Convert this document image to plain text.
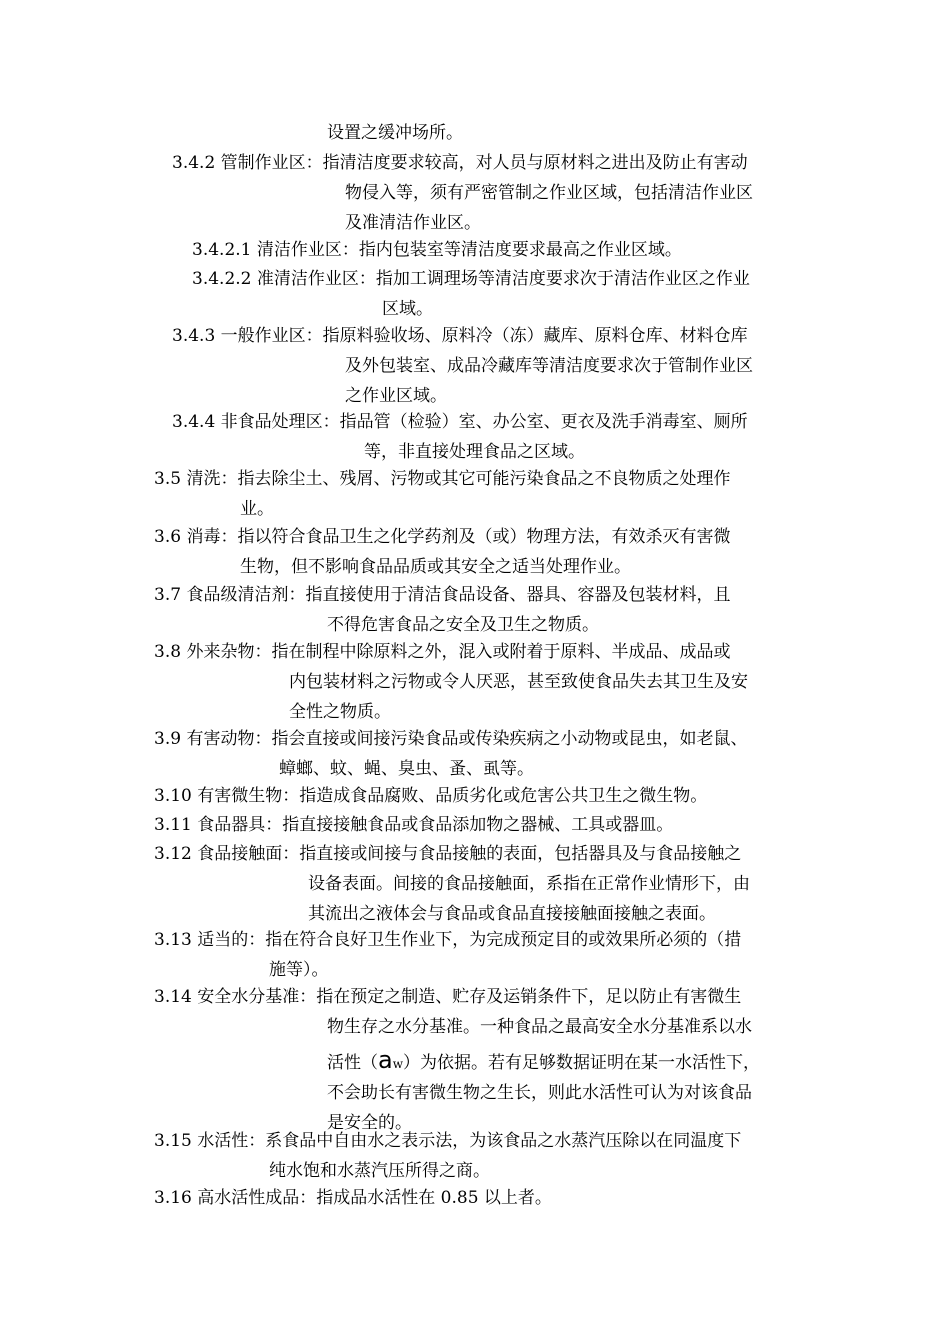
设置之缓冲场所。
3.4.2 管制作业区：指清洁度要求较高，对人员与原材料之进出及防止有害动
物侵入等，须有严密管制之作业区域，包括清洁作业区
及准清洁作业区。
3.4.2.1 清洁作业区：指内包装室等清洁度要求最高之作业区域。
3.4.2.2 准清洁作业区：指加工调理场等清洁度要求次于清洁作业区之作业
区域。
3.4.3 一般作业区：指原料验收场、原料冷（冻）藏库、原料仓库、材料仓库
及外包装室、成品冷藏库等清洁度要求次于管制作业区
之作业区域。
3.4.4 非食品处理区：指品管（检验）室、办公室、更衣及洗手消毒室、厕所
等，非直接处理食品之区域。
3.5 清洗：指去除尘土、残屑、污物或其它可能污染食品之不良物质之处理作
业。
3.6 消毒：指以符合食品卫生之化学药剂及（或）物理方法，有效杀灭有害微
生物，但不影响食品品质或其安全之适当处理作业。
3.7 食品级清洁剂：指直接使用于清洁食品设备、器具、容器及包装材料，且
不得危害食品之安全及卫生之物质。
3.8 外来杂物：指在制程中除原料之外，混入或附着于原料、半成品、成品或
内包装材料之污物或令人厌恶，甚至致使食品失去其卫生及安
全性之物质。
3.9 有害动物：指会直接或间接污染食品或传染疾病之小动物或昆虫，如老鼠、
蟑螂、蚊、蝇、臭虫、蚤、虱等。
3.10 有害微生物：指造成食品腐败、品质劣化或危害公共卫生之微生物。
3.11 食品器具：指直接接触食品或食品添加物之器械、工具或器皿。
3.12 食品接触面：指直接或间接与食品接触的表面，包括器具及与食品接触之
设备表面。间接的食品接触面，系指在正常作业情形下，由
其流出之液体会与食品或食品直接接触面接触之表面。
3.13 适当的：指在符合良好卫生作业下，为完成预定目的或效果所必须的（措
施等）。
3.14 安全水分基准：指在预定之制造、贮存及运销条件下，足以防止有害微生
物生存之水分基准。一种食品之最高安全水分基准系以水
活性（aw）为依据。若有足够数据证明在某一水活性下，
不会助长有害微生物之生长，则此水活性可认为对该食品
是安全的。
3.15 水活性：系食品中自由水之表示法，为该食品之水蒸汽压除以在同温度下
纯水饱和水蒸汽压所得之商。
3.16 高水活性成品：指成品水活性在 0.85 以上者。
